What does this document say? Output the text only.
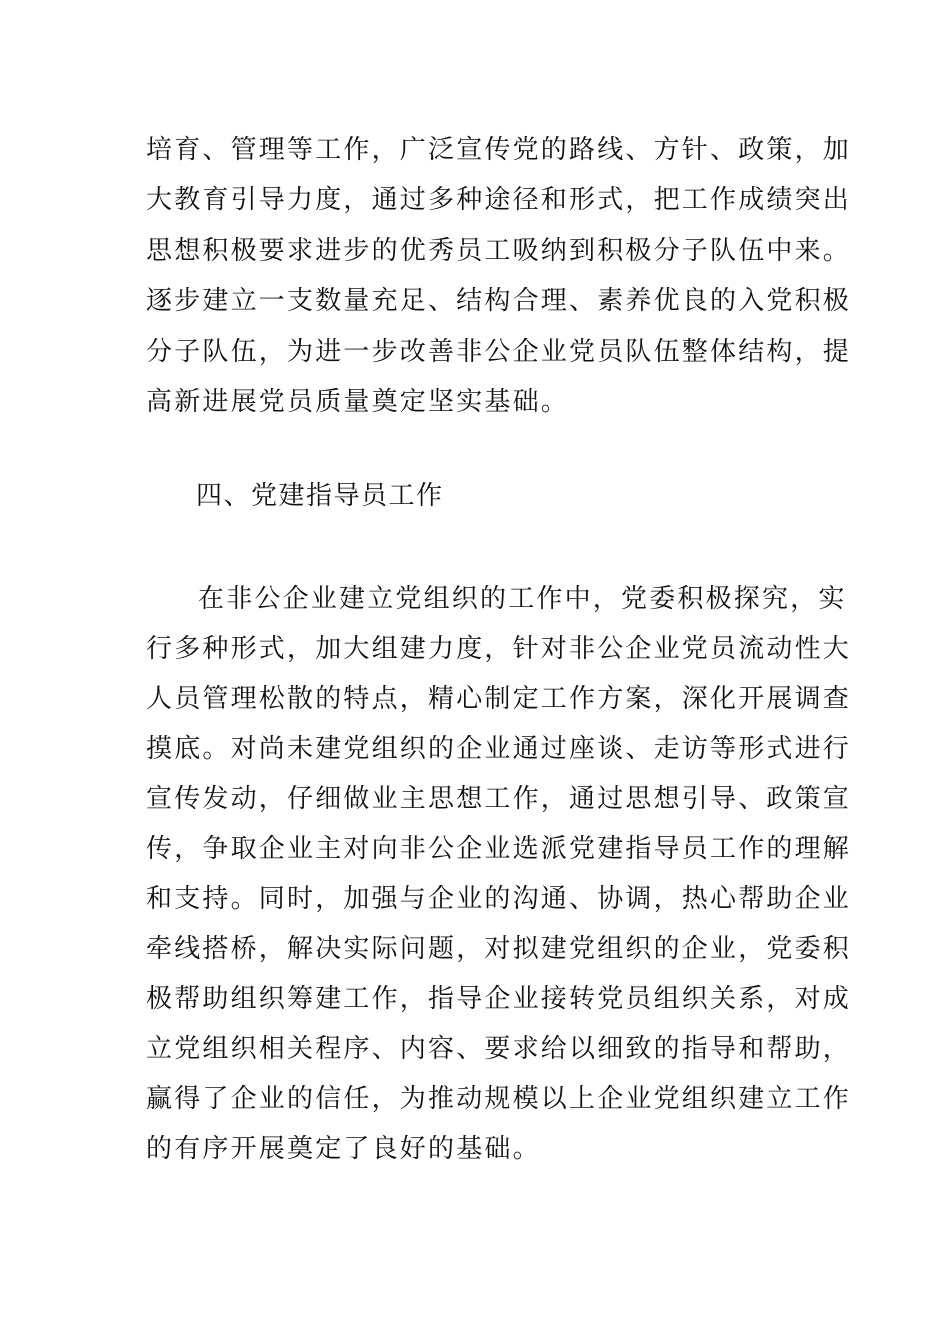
培育、管理等工作，广泛宣传党的路线、方针、政策，加
大教育引导力度，通过多种途径和形式，把工作成绩突出
思想积极要求进步的优秀员工吸纳到积极分子队伍中来。
逐步建立一支数量充足、结构合理、素养优良的入党积极
分子队伍，为进一步改善非公企业党员队伍整体结构，提
高新进展党员质量奠定坚实基础。
四、党建指导员工作
在非公企业建立党组织的工作中，党委积极探究，实
行多种形式，加大组建力度，针对非公企业党员流动性大
人员管理松散的特点，精心制定工作方案，深化开展调查
摸底。对尚未建党组织的企业通过座谈、走访等形式进行
宣传发动，仔细做业主思想工作，通过思想引导、政策宣
传，争取企业主对向非公企业选派党建指导员工作的理解
和支持。同时，加强与企业的沟通、协调，热心帮助企业
牵线搭桥，解决实际问题，对拟建党组织的企业，党委积
极帮助组织筹建工作，指导企业接转党员组织关系，对成
立党组织相关程序、内容、要求给以细致的指导和帮助，
赢得了企业的信任，为推动规模以上企业党组织建立工作
的有序开展奠定了良好的基础。
